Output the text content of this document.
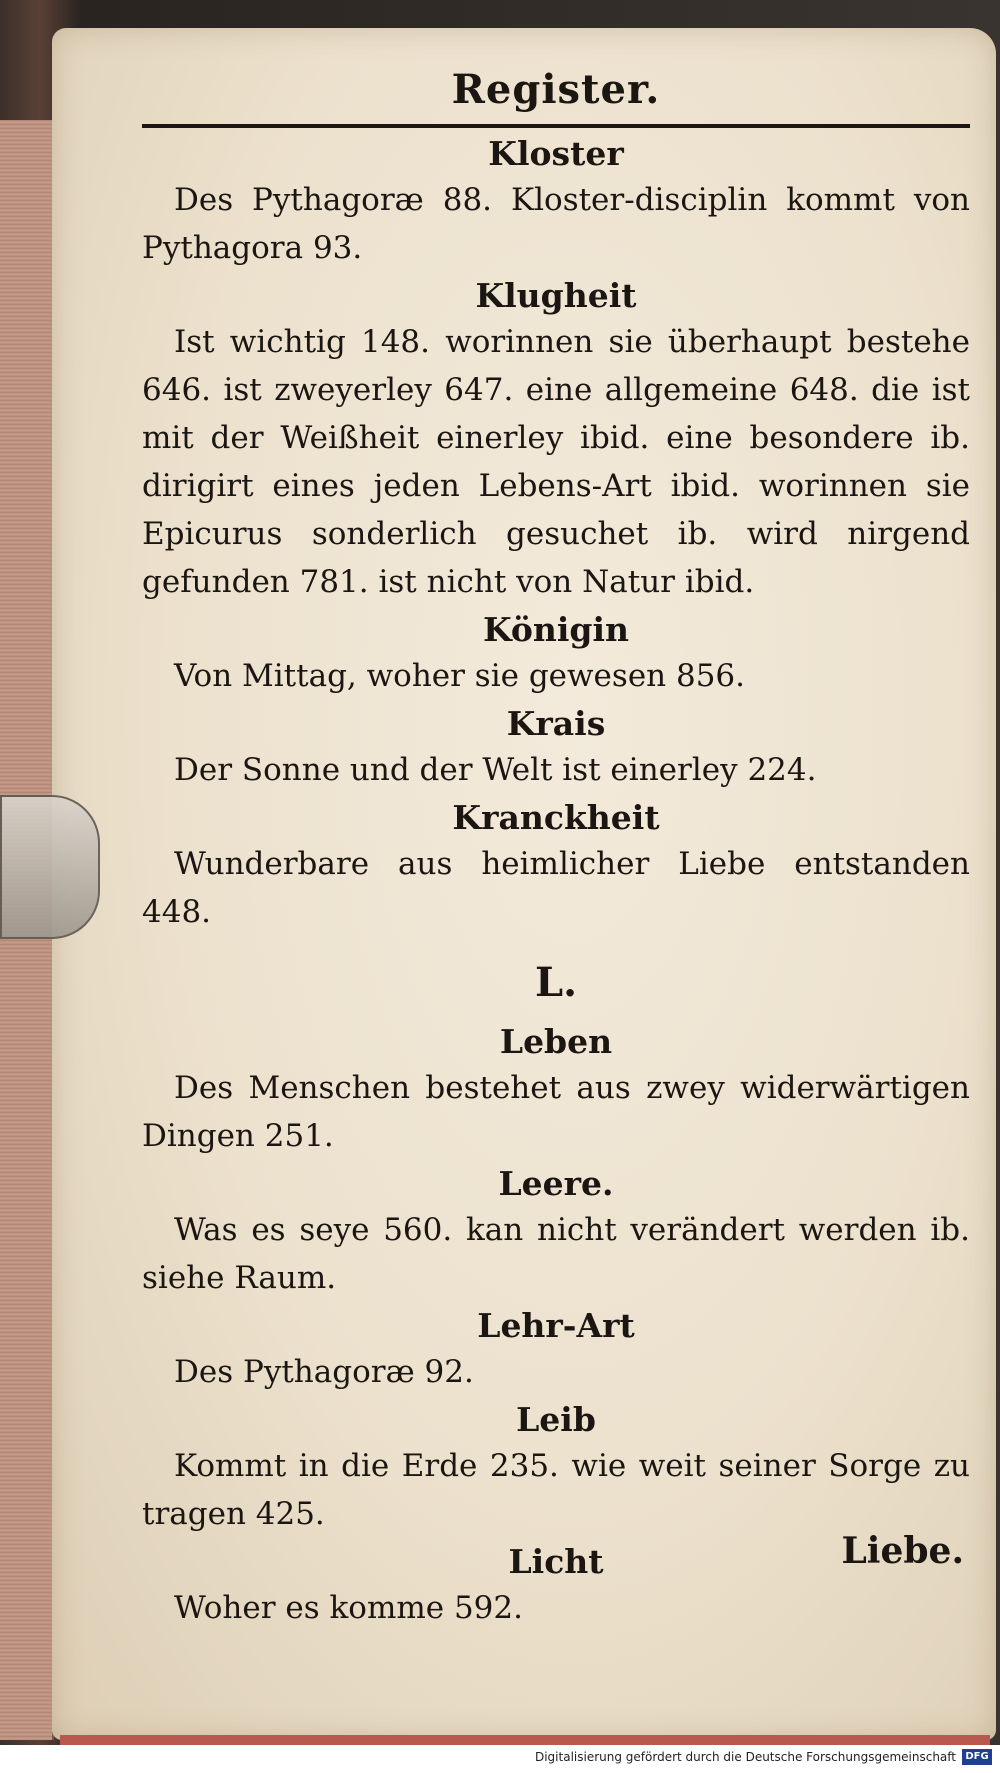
Register.
Kloster

Des Pythagoræ 88. Kloster-disciplin kommt von Pythagora 93.

Klugheit

Ist wichtig 148. worinnen sie überhaupt bestehe 646. ist zweyerley 647. eine allgemeine 648. die ist mit der Weißheit einerley ibid. eine besondere ib. dirigirt eines jeden Lebens-Art ibid. worinnen sie Epicurus sonderlich gesuchet ib. wird nirgend gefunden 781. ist nicht von Natur ibid.

Königin

Von Mittag, woher sie gewesen 856.

Krais

Der Sonne und der Welt ist einerley 224.

Kranckheit

Wunderbare aus heimlicher Liebe entstanden 448.

L.
Leben

Des Menschen bestehet aus zwey widerwärtigen Dingen 251.

Leere.

Was es seye 560. kan nicht verändert werden ib. siehe Raum.

Lehr-Art

Des Pythagoræ 92.

Leib

Kommt in die Erde 235. wie weit seiner Sorge zu tragen 425.

Licht

Woher es komme 592.

Liebe.
Digitalisierung gefördert durch die Deutsche Forschungsgemeinschaft DFG
